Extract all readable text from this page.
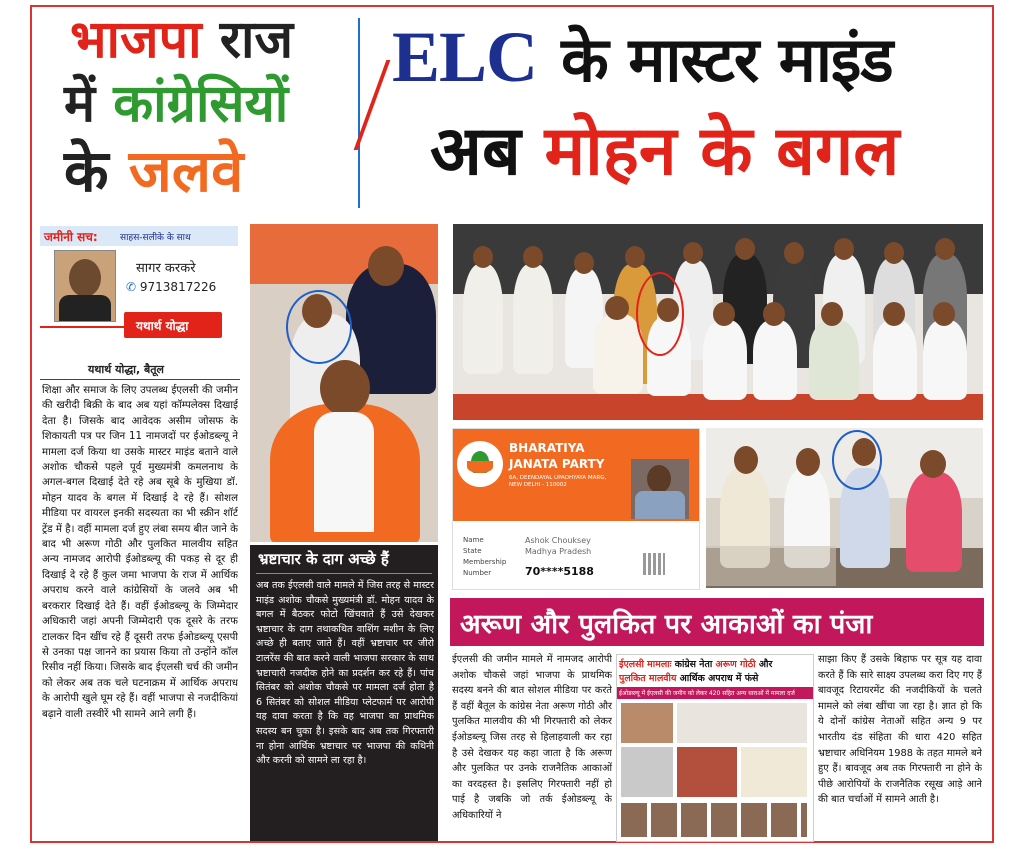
भाजपा राज
में कांग्रेसियों
के जलवे
ELC के मास्टर माइंड
अब मोहन के बगल
जमीनी सच: साहस-सलीके के साथ
सागर करकरे
✆ 9713817226
यथार्थ योद्धा
यथार्थ योद्धा, बैतूल
शिक्षा और समाज के लिए उपलब्ध ईएलसी की जमीन की खरीदी बिक्री के बाद अब यहां कॉम्पलेक्स दिखाई देता है। जिसके बाद आवेदक असीम जोसफ के शिकायती पत्र पर जिन 11 नामजदों पर ईओडब्ल्यू ने मामला दर्ज किया था उसके मास्टर माइंड बताने वाले अशोक चौकसे पहले पूर्व मुख्यमंत्री कमलनाथ के अगल-बगल दिखाई देते रहे अब सूबे के मुखिया डॉ. मोहन यादव के बगल में दिखाई दे रहे हैं। सोशल मीडिया पर वायरल इनकी सदस्यता का भी स्क्रीन शॉर्ट ट्रेंड में है। वहीं मामला दर्ज हुए लंबा समय बीत जाने के बाद भी अरूण गोठी और पुलकित मालवीय सहित अन्य नामजद आरोपी ईओडब्ल्यू की पकड़ से दूर ही दिखाई दे रहे हैं कुल जमा भाजपा के राज में आर्थिक अपराध करने वाले कांग्रेसियों के जलवे अब भी बरकरार दिखाई देते हैं। वहीं ईओडब्ल्यू के जिम्मेदार अधिकारी जहां अपनी जिम्मेदारी एक दूसरे के तरफ टालकर दिन खींच रहे हैं दूसरी तरफ ईओडब्ल्यू एसपी से उनका पक्ष जानने का प्रयास किया तो उन्होंने कॉल रिसीव नहीं किया। जिसके बाद ईएलसी चर्च की जमीन को लेकर अब तक चले घटनाक्रम में आर्थिक अपराध के आरोपी खुले घूम रहे हैं। वहीं भाजपा से नजदीकियां बढ़ाने वाली तस्वीरें भी सामने आने लगी हैं।
भ्रष्टाचार के दाग अच्छे हैं
अब तक ईएलसी वाले मामले में जिस तरह से मास्टर माइंड अशोक चौकसे मुख्यमंत्री डॉ. मोहन यादव के बगल में बैठकर फोटो खिंचवाते हैं उसे देखकर भ्रष्टाचार के दाग तथाकथित वाशिंग मशीन के लिए अच्छे ही बताए जाते हैं। वहीं भ्रष्टाचार पर जीरो टालरेंस की बात करने वाली भाजपा सरकार के साथ भ्रष्टाचारी नजदीक होने का प्रदर्शन कर रहे हैं। पांच सितंबर को अशोक चौकसे पर मामला दर्ज होता है 6 सितंबर को सोशल मीडिया प्लेटफार्म पर आरोपी यह दावा करता है कि वह भाजपा का प्राथमिक सदस्य बन चुका है। इसके बाद अब तक गिरफ्तारी ना होना आर्थिक भ्रष्टाचार पर भाजपा की कथिनी और करनी को सामने ला रहा है।
BHARATIYA
JANATA PARTY
6A, DEENDAYAL UPADHYAYA MARG, NEW DELHI - 110002
Name
State
Membership Number
Ashok Chouksey
Madhya Pradesh
70****5188
अरूण और पुलकित पर आकाओं का पंजा
ईएलसी की जमीन मामले में नामजद आरोपी अशोक चौकसे जहां भाजपा के प्राथमिक सदस्य बनने की बात सोशल मीडिया पर करते हैं वहीं बैतूल के कांग्रेस नेता अरूण गोठी और पुलकित मालवीय की भी गिरफ्तारी को लेकर ईओडब्ल्यू जिस तरह से हिलाहवाली कर रहा है उसे देखकर यह कहा जाता है कि अरूण और पुलकित पर उनके राजनैतिक आकाओं का वरदहस्त है। इसलिए गिरफ्तारी नहीं हो पाई है जबकि जो तर्क ईओडब्ल्यू के अधिकारियों ने
ईएलसी मामलाः कांग्रेस नेता अरूण गोठी और
पुलकित मालवीय आर्थिक अपराध में फंसे
ईओडब्ल्यू में ईएलसी की जमीन को लेकर 420 सहित अन्य धाराओं में मामला दर्ज
साझा किए हैं उसके बिहाफ पर सूत्र यह दावा करते हैं कि सारे साक्ष्य उपलब्ध करा दिए गए हैं बावजूद रिटायरमेंट की नजदीकियों के चलते मामले को लंबा खींचा जा रहा है। ज्ञात हो कि ये दोनों कांग्रेस नेताओं सहित अन्य 9 पर भारतीय दंड संहिता की धारा 420 सहित भ्रष्टाचार अधिनियम 1988 के तहत मामले बने हुए हैं। बावजूद अब तक गिरफ्तारी ना होने के पीछे आरोपियों के राजनैतिक रसूख आड़े आने की बात चर्चाओं में सामने आती है।
